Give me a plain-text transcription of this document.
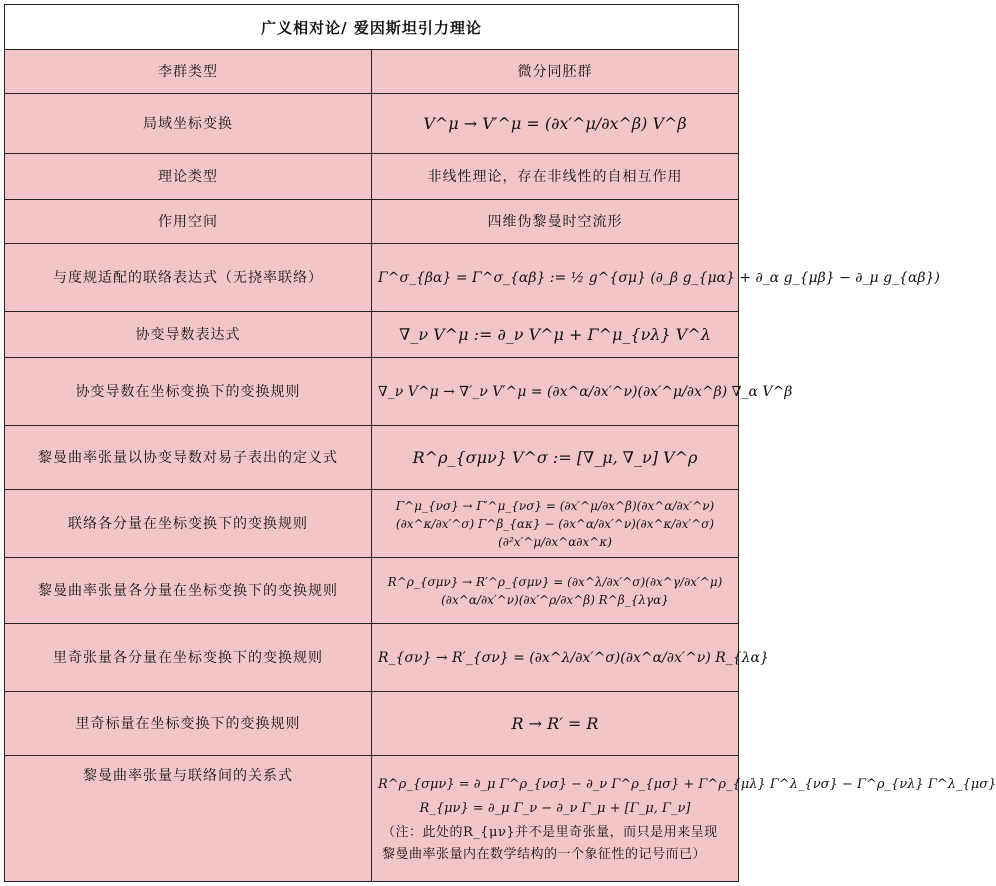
广义相对论/ 爱因斯坦引力理论	
李群类型	微分同胚群
局域坐标变换	V^μ → V′^μ = (∂x′^μ/∂x^β) V^β
理论类型	非线性理论，存在非线性的自相互作用
作用空间	四维伪黎曼时空流形
与度规适配的联络表达式（无挠率联络）	Γ^σ_{βα} = Γ^σ_{αβ} := ½ g^{σμ} (∂_β g_{μα} + ∂_α g_{μβ} − ∂_μ g_{αβ})
协变导数表达式	∇_ν V^μ := ∂_ν V^μ + Γ^μ_{νλ} V^λ
协变导数在坐标变换下的变换规则	∇_ν V^μ → ∇′_ν V′^μ = (∂x^α/∂x′^ν)(∂x′^μ/∂x^β) ∇_α V^β
黎曼曲率张量以协变导数对易子表出的定义式	R^ρ_{σμν} V^σ := [∇_μ, ∇_ν] V^ρ
联络各分量在坐标变换下的变换规则	Γ^μ_{νσ} → Γ′^μ_{νσ} = (∂x′^μ/∂x^β)(∂x^α/∂x′^ν)(∂x^κ/∂x′^σ) Γ^β_{ακ} − (∂x^α/∂x′^ν)(∂x^κ/∂x′^σ)(∂²x′^μ/∂x^α∂x^κ)
黎曼曲率张量各分量在坐标变换下的变换规则	R^ρ_{σμν} → R′^ρ_{σμν} = (∂x^λ/∂x′^σ)(∂x^γ/∂x′^μ)(∂x^α/∂x′^ν)(∂x′^ρ/∂x^β) R^β_{λγα}
里奇张量各分量在坐标变换下的变换规则	R_{σν} → R′_{σν} = (∂x^λ/∂x′^σ)(∂x^α/∂x′^ν) R_{λα}
里奇标量在坐标变换下的变换规则	R → R′ = R
黎曼曲率张量与联络间的关系式	R^ρ_{σμν} = ∂_μ Γ^ρ_{νσ} − ∂_ν Γ^ρ_{μσ} + Γ^ρ_{μλ} Γ^λ_{νσ} − Γ^ρ_{νλ} Γ^λ_{μσ}
R_{μν} = ∂_μ Γ_ν − ∂_ν Γ_μ + [Γ_μ, Γ_ν]
（注：此处的R_{μν}并不是里奇张量，而只是用来呈现黎曼曲率张量内在数学结构的一个象征性的记号而已）
